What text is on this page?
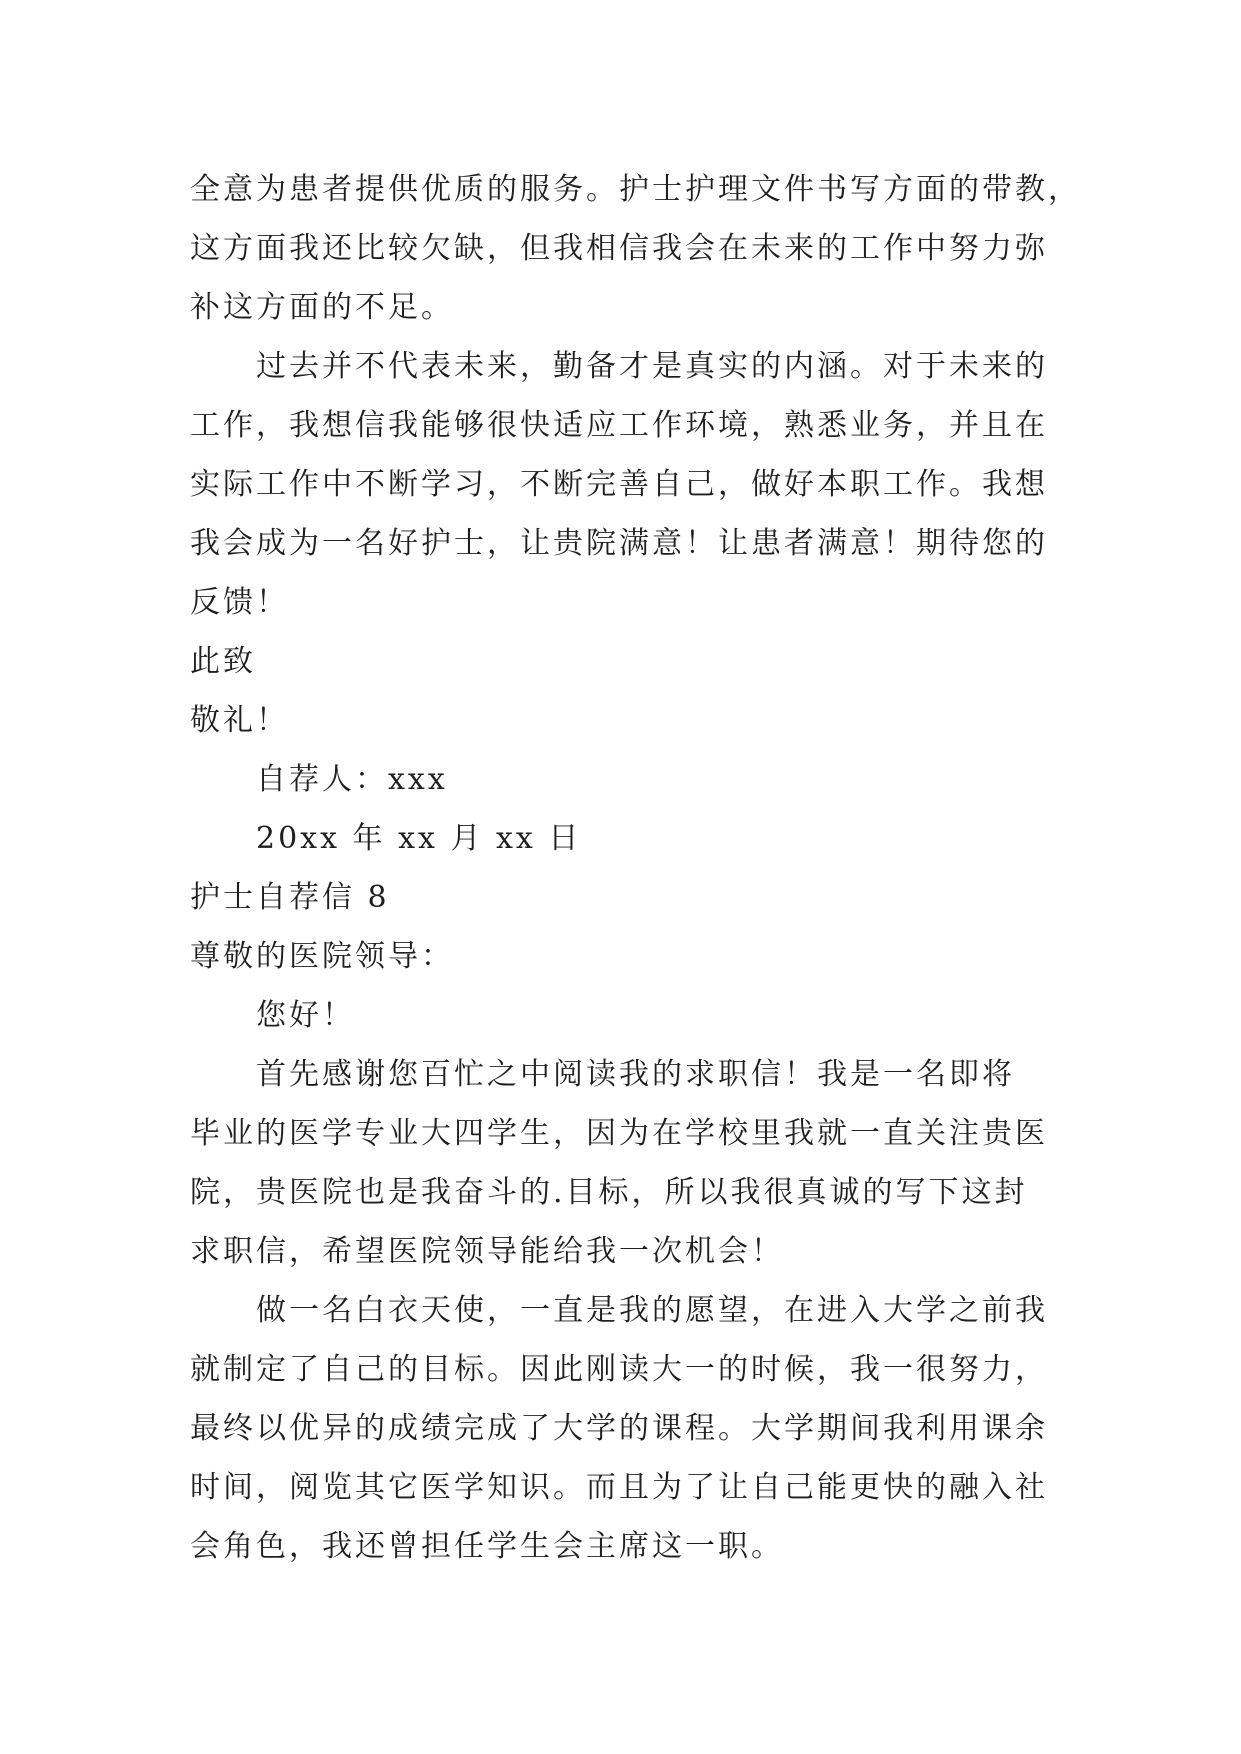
全意为患者提供优质的服务。护士护理文件书写方面的带教，
这方面我还比较欠缺，但我相信我会在未来的工作中努力弥
补这方面的不足。
过去并不代表未来，勤备才是真实的内涵。对于未来的
工作，我想信我能够很快适应工作环境，熟悉业务，并且在
实际工作中不断学习，不断完善自己，做好本职工作。我想
我会成为一名好护士，让贵院满意！让患者满意！期待您的
反馈！
此致
敬礼！
自荐人：xxx
20xx 年 xx 月 xx 日
护士自荐信 8
尊敬的医院领导：
您好！
首先感谢您百忙之中阅读我的求职信！我是一名即将
毕业的医学专业大四学生，因为在学校里我就一直关注贵医
院，贵医院也是我奋斗的.目标，所以我很真诚的写下这封
求职信，希望医院领导能给我一次机会！
做一名白衣天使，一直是我的愿望，在进入大学之前我
就制定了自己的目标。因此刚读大一的时候，我一很努力，
最终以优异的成绩完成了大学的课程。大学期间我利用课余
时间，阅览其它医学知识。而且为了让自己能更快的融入社
会角色，我还曾担任学生会主席这一职。
